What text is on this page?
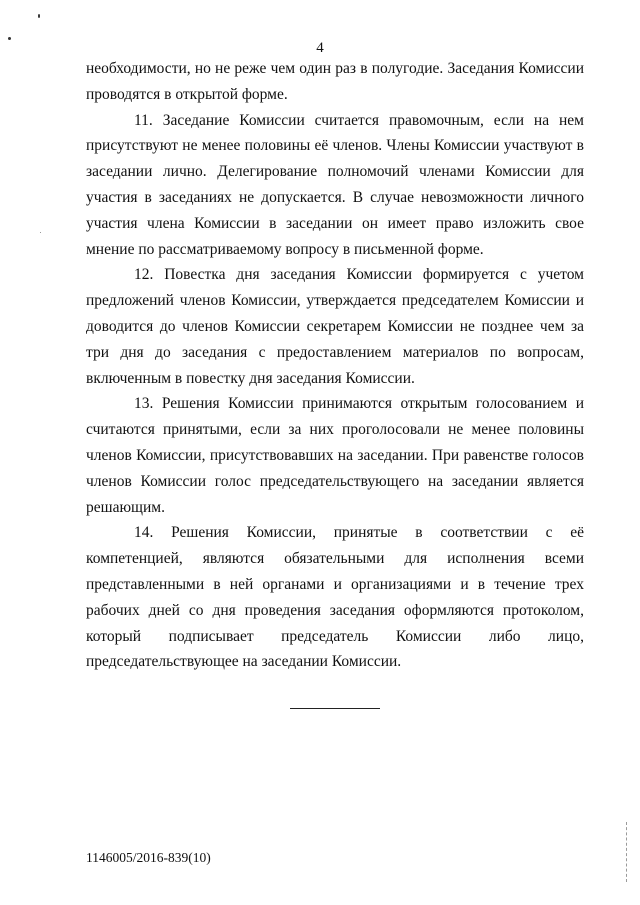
4

необходимости, но не реже чем один раз в полугодие. Заседания Комиссии проводятся в открытой форме.

11. Заседание Комиссии считается правомочным, если на нем присутствуют не менее половины её членов. Члены Комиссии участвуют в заседании лично. Делегирование полномочий членами Комиссии для участия в заседаниях не допускается. В случае невозможности личного участия члена Комиссии в заседании он имеет право изложить свое мнение по рассматриваемому вопросу в письменной форме.

12. Повестка дня заседания Комиссии формируется с учетом предложений членов Комиссии, утверждается председателем Комиссии и доводится до членов Комиссии секретарем Комиссии не позднее чем за три дня до заседания с предоставлением материалов по вопросам, включенным в повестку дня заседания Комиссии.

13. Решения Комиссии принимаются открытым голосованием и считаются принятыми, если за них проголосовали не менее половины членов Комиссии, присутствовавших на заседании. При равенстве голосов членов Комиссии голос председательствующего на заседании является решающим.

14. Решения Комиссии, принятые в соответствии с её компетенцией, являются обязательными для исполнения всеми представленными в ней органами и организациями и в течение трех рабочих дней со дня проведения заседания оформляются протоколом, который подписывает председатель Комиссии либо лицо, председательствующее на заседании Комиссии.

1146005/2016-839(10)
